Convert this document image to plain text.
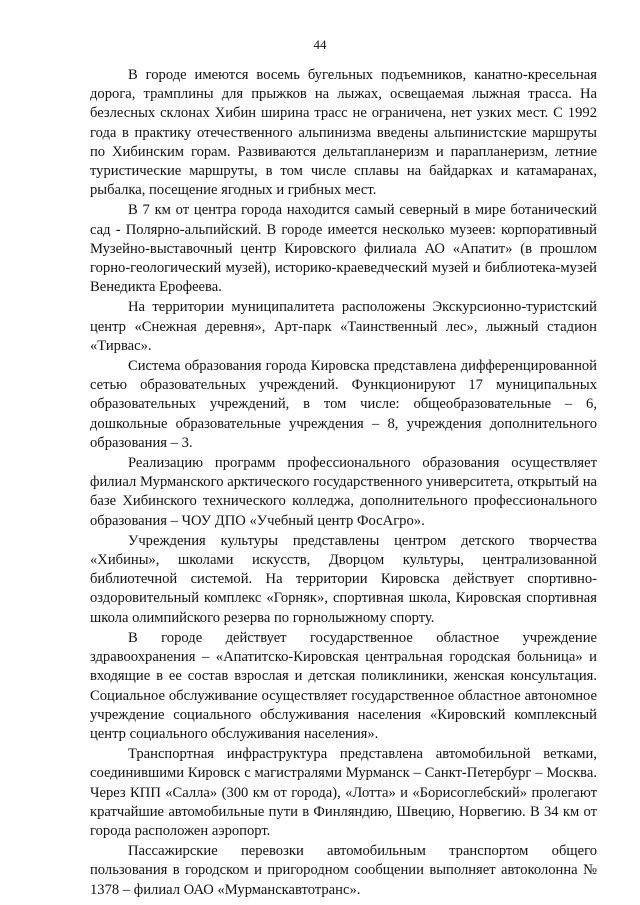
44

В городе имеются восемь бугельных подъемников, канатно-кресельная дорога, трамплины для прыжков на лыжах, освещаемая лыжная трасса. На безлесных склонах Хибин ширина трасс не ограничена, нет узких мест. С 1992 года в практику отечественного альпинизма введены альпинистские маршруты по Хибинским горам. Развиваются дельтапланеризм и парапланеризм, летние туристические маршруты, в том числе сплавы на байдарках и катамаранах, рыбалка, посещение ягодных и грибных мест.

В 7 км от центра города находится самый северный в мире ботанический сад - Полярно-альпийский. В городе имеется несколько музеев: корпоративный Музейно-выставочный центр Кировского филиала АО «Апатит» (в прошлом горно-геологический музей), историко-краеведческий музей и библиотека-музей Венедикта Ерофеева.

На территории муниципалитета расположены Экскурсионно-туристский центр «Снежная деревня», Арт-парк «Таинственный лес», лыжный стадион «Тирвас».

Система образования города Кировска представлена дифференцированной сетью образовательных учреждений. Функционируют 17 муниципальных образовательных учреждений, в том числе: общеобразовательные – 6, дошкольные образовательные учреждения – 8, учреждения дополнительного образования – 3.

Реализацию программ профессионального образования осуществляет филиал Мурманского арктического государственного университета, открытый на базе Хибинского технического колледжа, дополнительного профессионального образования – ЧОУ ДПО «Учебный центр ФосАгро».

Учреждения культуры представлены центром детского творчества «Хибины», школами искусств, Дворцом культуры, централизованной библиотечной системой. На территории Кировска действует спортивно-оздоровительный комплекс «Горняк», спортивная школа, Кировская спортивная школа олимпийского резерва по горнолыжному спорту.

В городе действует государственное областное учреждение здравоохранения – «Апатитско-Кировская центральная городская больница» и входящие в ее состав взрослая и детская поликлиники, женская консультация. Социальное обслуживание осуществляет государственное областное автономное учреждение социального обслуживания населения «Кировский комплексный центр социального обслуживания населения».

Транспортная инфраструктура представлена автомобильной ветками, соединившими Кировск с магистралями Мурманск – Санкт-Петербург – Москва. Через КПП «Салла» (300 км от города), «Лотта» и «Борисоглебский» пролегают кратчайшие автомобильные пути в Финляндию, Швецию, Норвегию. В 34 км от города расположен аэропорт.

Пассажирские перевозки автомобильным транспортом общего пользования в городском и пригородном сообщении выполняет автоколонна № 1378 – филиал ОАО «Мурманскавтотранс».
